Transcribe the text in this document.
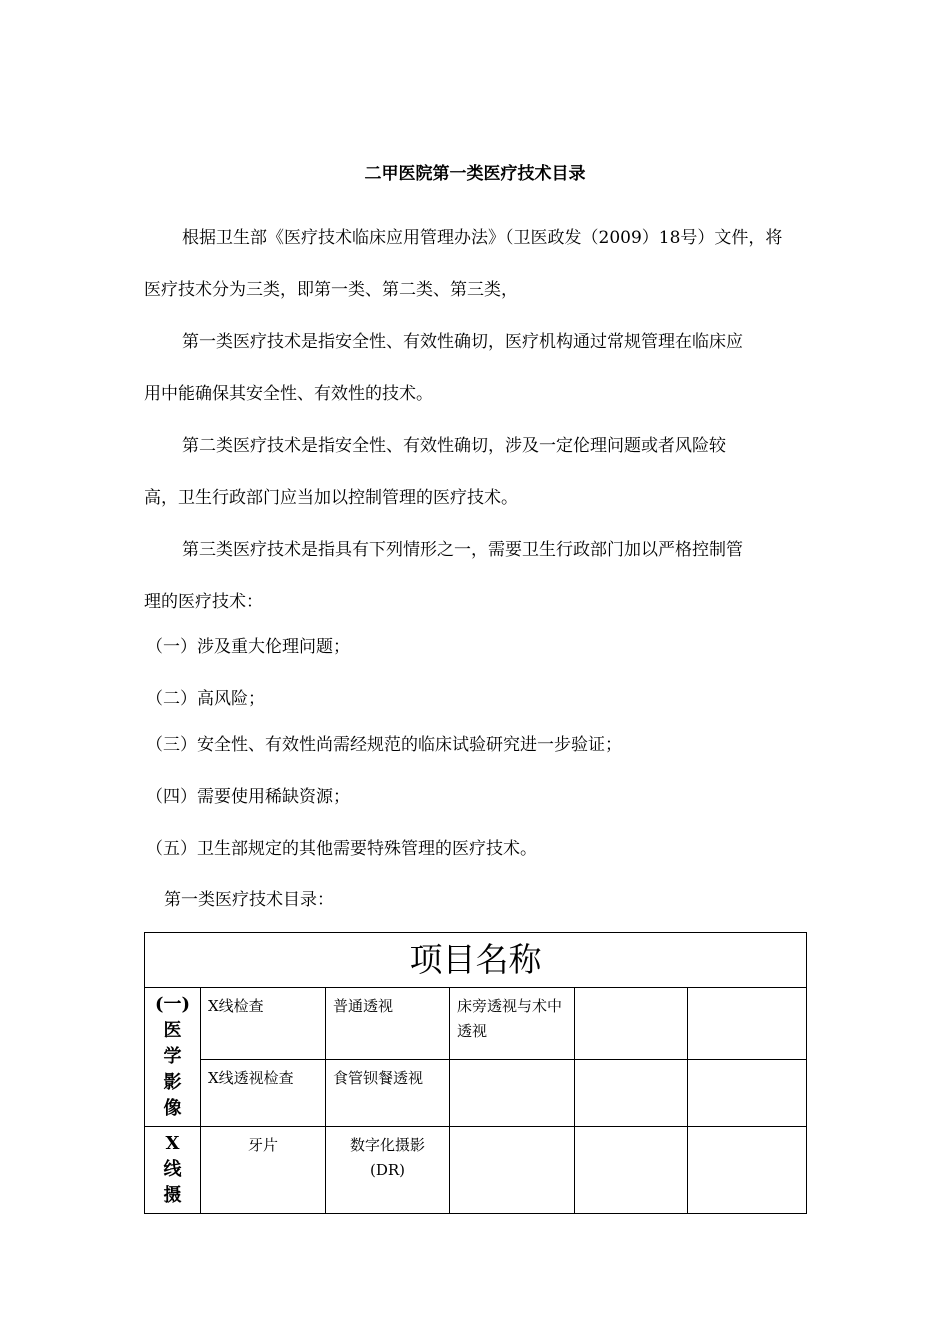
二甲医院第一类医疗技术目录
根据卫生部《医疗技术临床应用管理办法》（卫医政发（2009）18号）文件，将
医疗技术分为三类，即第一类、第二类、第三类，
第一类医疗技术是指安全性、有效性确切，医疗机构通过常规管理在临床应
用中能确保其安全性、有效性的技术。
第二类医疗技术是指安全性、有效性确切，涉及一定伦理问题或者风险较
高，卫生行政部门应当加以控制管理的医疗技术。
第三类医疗技术是指具有下列情形之一，需要卫生行政部门加以严格控制管
理的医疗技术：
（一）涉及重大伦理问题；
（二）高风险；
（三）安全性、有效性尚需经规范的临床试验研究进一步验证；
（四）需要使用稀缺资源；
（五）卫生部规定的其他需要特殊管理的医疗技术。
第一类医疗技术目录：
项目名称					

(一)
医
学
影
像	X线检查	普通透视	床旁透视与术中透视		
	X线透视检查	食管钡餐透视			

X
线
摄	牙片	数字化摄影(DR)			
